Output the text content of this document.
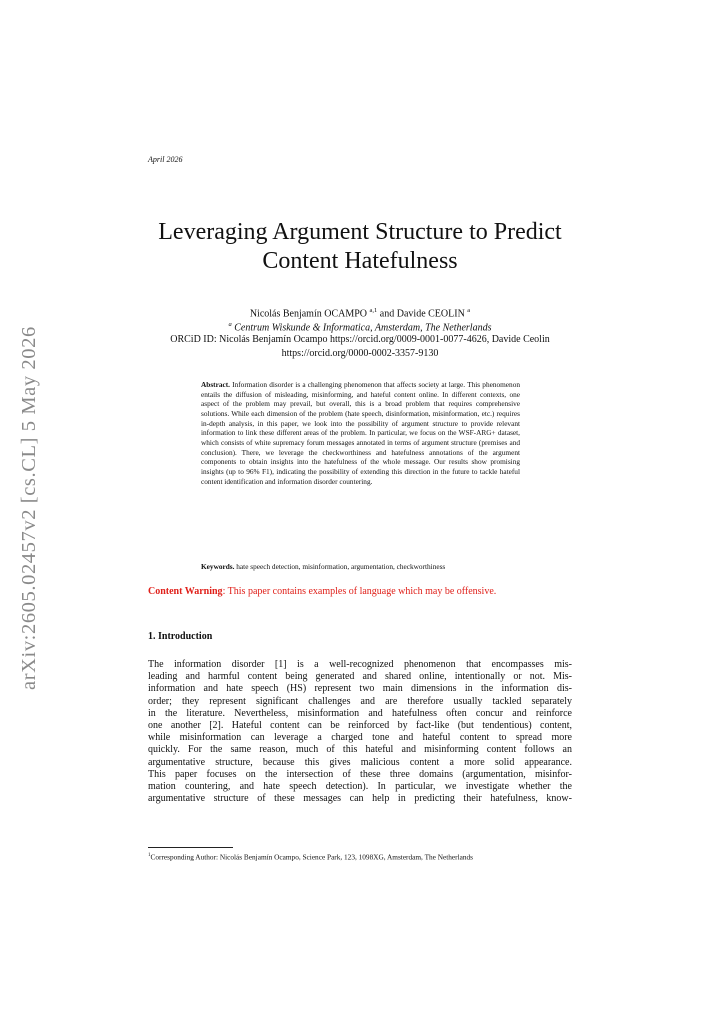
arXiv:2605.02457v2 [cs.CL] 5 May 2026
April 2026
Leveraging Argument Structure to Predict Content Hatefulness
Nicolás Benjamín OCAMPO $^{a,1}$ and Davide CEOLIN $^a$
$^a$ Centrum Wiskunde & Informatica, Amsterdam, The Netherlands
ORCiD ID: Nicolás Benjamín Ocampo https://orcid.org/0009-0001-0077-4626, Davide Ceolin https://orcid.org/0000-0002-3357-9130
Abstract. Information disorder is a challenging phenomenon that affects society at large. This phenomenon entails the diffusion of misleading, misinforming, and hateful content online. In different contexts, one aspect of the problem may prevail, but overall, this is a broad problem that requires comprehensive solutions. While each dimension of the problem (hate speech, disinformation, misinformation, etc.) requires in-depth analysis, in this paper, we look into the possibility of argument structure to provide relevant information to link these different areas of the problem. In particular, we focus on the WSF-ARG+ dataset, which consists of white supremacy forum messages annotated in terms of argument structure (premises and conclusion). There, we leverage the checkworthiness and hatefulness annotations of the argument components to obtain insights into the hatefulness of the whole message. Our results show promising insights (up to 96% F1), indicating the possibility of extending this direction in the future to tackle hateful content identification and information disorder countering.
Keywords. hate speech detection, misinformation, argumentation, checkworthiness
Content Warning: This paper contains examples of language which may be offensive.
1. Introduction
The information disorder [1] is a well-recognized phenomenon that encompasses mis-
leading and harmful content being generated and shared online, intentionally or not. Mis-
information and hate speech (HS) represent two main dimensions in the information dis-
order; they represent significant challenges and are therefore usually tackled separately
in the literature. Nevertheless, misinformation and hatefulness often concur and reinforce
one another [2]. Hateful content can be reinforced by fact-like (but tendentious) content,
while misinformation can leverage a charged tone and hateful content to spread more
quickly. For the same reason, much of this hateful and misinforming content follows an
argumentative structure, because this gives malicious content a more solid appearance.
This paper focuses on the intersection of these three domains (argumentation, misinfor-
mation countering, and hate speech detection). In particular, we investigate whether the
argumentative structure of these messages can help in predicting their hatefulness, know-
$^1$Corresponding Author: Nicolás Benjamín Ocampo, Science Park, 123, 1098XG, Amsterdam, The Netherlands
